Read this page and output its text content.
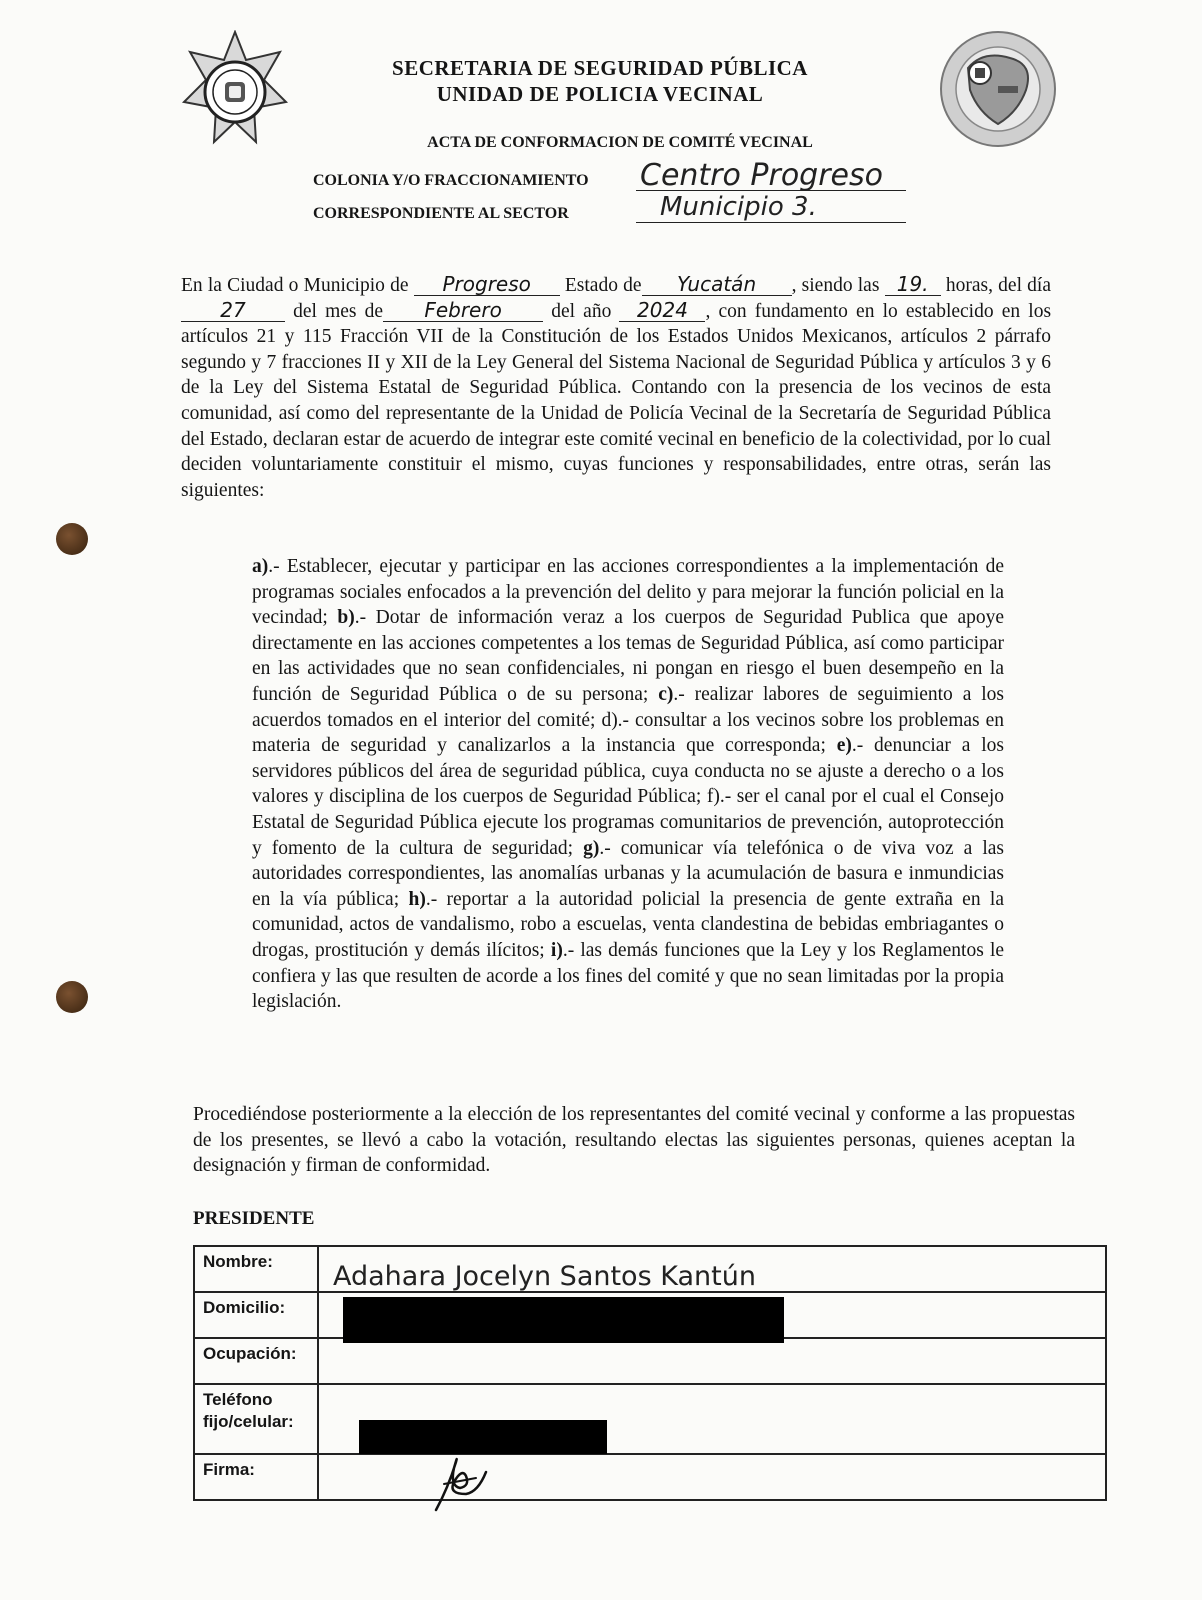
SECRETARIA DE SEGURIDAD PÚBLICA
UNIDAD DE POLICIA VECINAL
ACTA DE CONFORMACION DE COMITÉ VECINAL
COLONIA Y/O FRACCIONAMIENTO Centro Progreso
CORRESPONDIENTE AL SECTOR	Municipio 3.
En la Ciudad o Municipio de Progreso Estado de Yucatán , siendo las 19. horas, del día 27 del mes de Febrero	del año 2024 , con fundamento en lo establecido en los artículos 21 y 115 Fracción VII de la Constitución de los Estados Unidos Mexicanos, artículos 2 párrafo segundo y 7 fracciones II y XII de la Ley General del Sistema Nacional de Seguridad Pública y artículos 3 y 6 de la Ley del Sistema Estatal de Seguridad Pública. Contando con la presencia de los vecinos de esta comunidad, así como del representante de la Unidad de Policía Vecinal de la Secretaría de Seguridad Pública del Estado, declaran estar de acuerdo de integrar este comité vecinal en beneficio de la colectividad, por lo cual deciden voluntariamente constituir el mismo, cuyas funciones y responsabilidades, entre otras, serán las siguientes:
a).- Establecer, ejecutar y participar en las acciones correspondientes a la implementación de programas sociales enfocados a la prevención del delito y para mejorar la función policial en la vecindad; b).- Dotar de información veraz a los cuerpos de Seguridad Publica que apoye directamente en las acciones competentes a los temas de Seguridad Pública, así como participar en las actividades que no sean confidenciales, ni pongan en riesgo el buen desempeño en la función de Seguridad Pública o de su persona; c).- realizar labores de seguimiento a los acuerdos tomados en el interior del comité; d).- consultar a los vecinos sobre los problemas en materia de seguridad y canalizarlos a la instancia que corresponda; e).- denunciar a los servidores públicos del área de seguridad pública, cuya conducta no se ajuste a derecho o a los valores y disciplina de los cuerpos de Seguridad Pública; f).- ser el canal por el cual el Consejo Estatal de Seguridad Pública ejecute los programas comunitarios de prevención, autoprotección y fomento de la cultura de seguridad; g).- comunicar vía telefónica o de viva voz a las autoridades correspondientes, las anomalías urbanas y la acumulación de basura e inmundicias en la vía pública; h).- reportar a la autoridad policial la presencia de gente extraña en la comunidad, actos de vandalismo, robo a escuelas, venta clandestina de bebidas embriagantes o drogas, prostitución y demás ilícitos; i).- las demás funciones que la Ley y los Reglamentos le confiera y las que resulten de acorde a los fines del comité y que no sean limitadas por la propia legislación.
Procediéndose posteriormente a la elección de los representantes del comité vecinal y conforme a las propuestas de los presentes, se llevó a cabo la votación, resultando electas las siguientes personas, quienes aceptan la designación y firman de conformidad.
PRESIDENTE
Nombre:	Adahara Jocelyn Santos Kantún

Domicilio:	
Ocupación:	

Teléfono
fijo/celular:	

Firma:	
